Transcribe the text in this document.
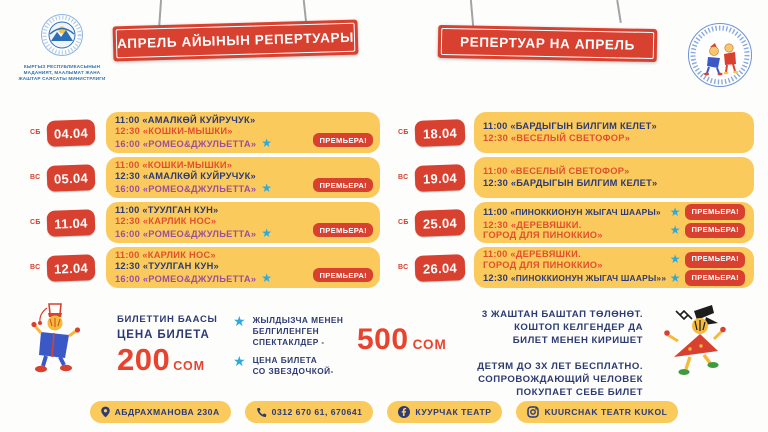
КЫРГЫЗ РЕСПУБЛИКАСЫНЫН
МАДАНИЯТ, МААЛЫМАТ ЖАНА
ЖАШТАР САЯСАТЫ МИНИСТРЛИГИ
АПРЕЛЬ АЙЫНЫН РЕПЕРТУАРЫ	РЕПЕРТУАР НА АПРЕЛЬ
СБ	04.04
11:00 «АМАЛКӨЙ КУЙРУЧУК»
12:30 «КОШКИ-МЫШКИ»
16:00 «РОМЕО&ДЖУЛЬЕТТА» ★	ПРЕМЬЕРА!
ВС	05.04
11:00 «КОШКИ-МЫШКИ»
12:30 «АМАЛКӨЙ КУЙРУЧУК»
16:00 «РОМЕО&ДЖУЛЬЕТТА» ★	ПРЕМЬЕРА!
СБ	11.04
11:00 «ТУУЛГАН КУН»
12:30 «КАРЛИК НОС»
16:00 «РОМЕО&ДЖУЛЬЕТТА» ★	ПРЕМЬЕРА!
ВС	12.04
11:00 «КАРЛИК НОС»
12:30 «ТУУЛГАН КУН»
16:00 «РОМЕО&ДЖУЛЬЕТТА» ★	ПРЕМЬЕРА!
СБ	18.04	11:00 «БАРДЫГЫН БИЛГИМ КЕЛЕТ»
12:30 «ВЕСЕЛЫЙ СВЕТОФОР»
ВС	19.04	11:00 «ВЕСЕЛЫЙ СВЕТОФОР»
12:30 «БАРДЫГЫН БИЛГИМ КЕЛЕТ»
СБ	25.04
11:00 «ПИНОККИОНУН ЖЫГАЧ ШААРЫ» ★	ПРЕМЬЕРА!
12:30 «ДЕРЕВЯШКИ.
ГОРОД ДЛЯ ПИНОККИО»	★	ПРЕМЬЕРА!
ВС	26.04
11:00 «ДЕРЕВЯШКИ.
ГОРОД ДЛЯ ПИНОККИО»	★	ПРЕМЬЕРА!
12:30 «ПИНОККИОНУН ЖЫГАЧ ШААРЫ»» ★	ПРЕМЬЕРА!
БИЛЕТТИН БААСЫ
ЦЕНА БИЛЕТА
200 СОМ
★ ЖЫЛДЫЗЧА МЕНЕН
БЕЛГИЛЕНГЕН
СПЕКТАКЛДЕР -
★ ЦЕНА БИЛЕТА
СО ЗВЕЗДОЧКОЙ-
500 СОМ
3 ЖАШТАН БАШТАП ТӨЛӨНӨТ.
КОШТОП КЕЛГЕНДЕР ДА
БИЛЕТ МЕНЕН КИРИШЕТ
ДЕТЯМ ДО 3Х ЛЕТ БЕСПЛАТНО.
СОПРОВОЖДАЮЩИЙ ЧЕЛОВЕК
ПОКУПАЕТ СЕБЕ БИЛЕТ
АБДРАХМАНОВА 230А	0312 670 61, 670641	КУУРЧАК ТЕАТР	KUURCHAK TEATR KUKOL
